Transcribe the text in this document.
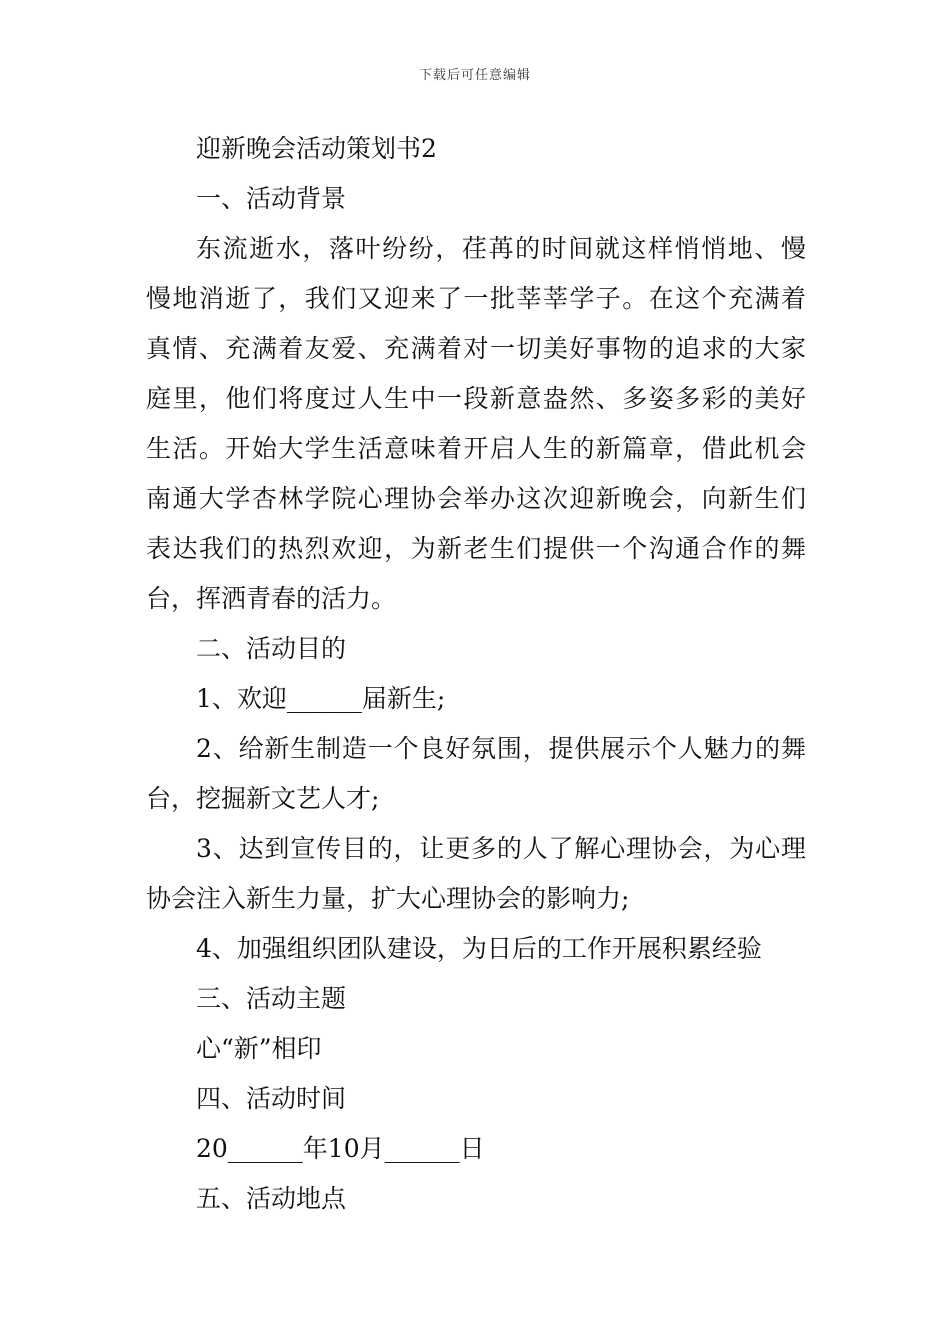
下载后可任意编辑
迎新晚会活动策划书2
一、活动背景
东流逝水，落叶纷纷，荏苒的时间就这样悄悄地、慢
慢地消逝了，我们又迎来了一批莘莘学子。在这个充满着
真情、充满着友爱、充满着对一切美好事物的追求的大家
庭里，他们将度过人生中一段新意盎然、多姿多彩的美好
生活。开始大学生活意味着开启人生的新篇章，借此机会
南通大学杏林学院心理协会举办这次迎新晚会，向新生们
表达我们的热烈欢迎，为新老生们提供一个沟通合作的舞
台，挥洒青春的活力。
二、活动目的
1、欢迎______届新生;
2、给新生制造一个良好氛围，提供展示个人魅力的舞
台，挖掘新文艺人才;
3、达到宣传目的，让更多的人了解心理协会，为心理
协会注入新生力量，扩大心理协会的影响力;
4、加强组织团队建设，为日后的工作开展积累经验
三、活动主题
心“新”相印
四、活动时间
20______年10月______日
五、活动地点
